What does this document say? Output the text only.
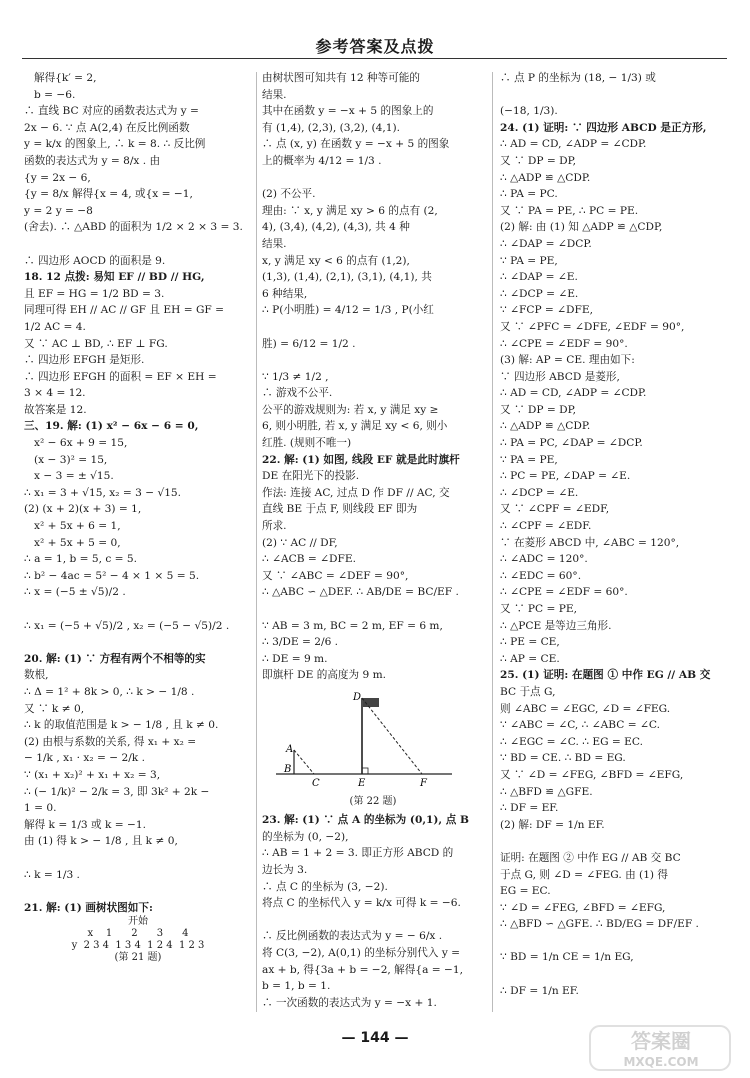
参考答案及点拨
解得{k′ = 2,
b = −6.
∴ 直线 BC 对应的函数表达式为 y =
2x − 6. ∵ 点 A(2,4) 在反比例函数
y = k/x 的图象上, ∴ k = 8. ∴ 反比例
函数的表达式为 y = 8/x . 由
{y = 2x − 6,
{y = 8/x 解得{x = 4, 或{x = −1,
y = 2 y = −8
(舍去). ∴ △ABD 的面积为 1/2 × 2 × 3 = 3.
∴ 四边形 AOCD 的面积是 9.
18. 12 点拨: 易知 EF // BD // HG,
且 EF = HG = 1/2 BD = 3.
同理可得 EH // AC // GF 且 EH = GF =
1/2 AC = 4.
又 ∵ AC ⊥ BD, ∴ EF ⊥ FG.
∴ 四边形 EFGH 是矩形.
∴ 四边形 EFGH 的面积 = EF × EH =
3 × 4 = 12.
故答案是 12.
三、19. 解: (1) x² − 6x − 6 = 0,
x² − 6x + 9 = 15,
(x − 3)² = 15,
x − 3 = ± √15.
∴ x₁ = 3 + √15, x₂ = 3 − √15.
(2) (x + 2)(x + 3) = 1,
x² + 5x + 6 = 1,
x² + 5x + 5 = 0,
∴ a = 1, b = 5, c = 5.
∴ b² − 4ac = 5² − 4 × 1 × 5 = 5.
∴ x = (−5 ± √5)/2 .
∴ x₁ = (−5 + √5)/2 , x₂ = (−5 − √5)/2 .
20. 解: (1) ∵ 方程有两个不相等的实
数根,
∴ Δ = 1² + 8k > 0, ∴ k > − 1/8 .
又 ∵ k ≠ 0,
∴ k 的取值范围是 k > − 1/8 , 且 k ≠ 0.
(2) 由根与系数的关系, 得 x₁ + x₂ =
− 1/k , x₁ · x₂ = − 2/k .
∵ (x₁ + x₂)² + x₁ + x₂ = 3,
∴ (− 1/k)² − 2/k = 3, 即 3k² + 2k −
1 = 0.
解得 k = 1/3 或 k = −1.
由 (1) 得 k > − 1/8 , 且 k ≠ 0,
∴ k = 1/3 .
21. 解: (1) 画树状图如下:
开始
x    1      2      3      4
y  2 3 4  1 3 4  1 2 4  1 2 3
(第 21 题)
由树状图可知共有 12 种等可能的
结果.
其中在函数 y = −x + 5 的图象上的
有 (1,4), (2,3), (3,2), (4,1).
∴ 点 (x, y) 在函数 y = −x + 5 的图象
上的概率为 4/12 = 1/3 .
(2) 不公平.
理由: ∵ x, y 满足 xy > 6 的点有 (2,
4), (3,4), (4,2), (4,3), 共 4 种
结果.
x, y 满足 xy < 6 的点有 (1,2),
(1,3), (1,4), (2,1), (3,1), (4,1), 共
6 种结果,
∴ P(小明胜) = 4/12 = 1/3 , P(小红
胜) = 6/12 = 1/2 .
∵ 1/3 ≠ 1/2 ,
∴ 游戏不公平.
公平的游戏规则为: 若 x, y 满足 xy ≥
6, 则小明胜, 若 x, y 满足 xy < 6, 则小
红胜. (规则不唯一)
22. 解: (1) 如图, 线段 EF 就是此时旗杆
DE 在阳光下的投影.
作法: 连接 AC, 过点 D 作 DF // AC, 交
直线 BE 于点 F, 则线段 EF 即为
所求.
(2) ∵ AC // DF,
∴ ∠ACB = ∠DFE.
又 ∵ ∠ABC = ∠DEF = 90°,
∴ △ABC ∽ △DEF. ∴ AB/DE = BC/EF .
∵ AB = 3 m, BC = 2 m, EF = 6 m,
∴ 3/DE = 2/6 .
∴ DE = 9 m.
即旗杆 DE 的高度为 9 m.
D
A
B
C	E	F
(第 22 题)
23. 解: (1) ∵ 点 A 的坐标为 (0,1), 点 B
的坐标为 (0, −2),
∴ AB = 1 + 2 = 3. 即正方形 ABCD 的
边长为 3.
∴ 点 C 的坐标为 (3, −2).
将点 C 的坐标代入 y = k/x 可得 k = −6.
∴ 反比例函数的表达式为 y = − 6/x .
将 C(3, −2), A(0,1) 的坐标分别代入 y =
ax + b, 得{3a + b = −2, 解得{a = −1,
b = 1, b = 1.
∴ 一次函数的表达式为 y = −x + 1.
∴ 点 P 的坐标为 (18, − 1/3) 或
(−18, 1/3).
24. (1) 证明: ∵ 四边形 ABCD 是正方形,
∴ AD = CD, ∠ADP = ∠CDP.
又 ∵ DP = DP,
∴ △ADP ≌ △CDP.
∴ PA = PC.
又 ∵ PA = PE, ∴ PC = PE.
(2) 解: 由 (1) 知 △ADP ≌ △CDP,
∴ ∠DAP = ∠DCP.
∵ PA = PE,
∴ ∠DAP = ∠E.
∴ ∠DCP = ∠E.
∵ ∠FCP = ∠DFE,
又 ∵ ∠PFC = ∠DFE, ∠EDF = 90°,
∴ ∠CPE = ∠EDF = 90°.
(3) 解: AP = CE. 理由如下:
∵ 四边形 ABCD 是菱形,
∴ AD = CD, ∠ADP = ∠CDP.
又 ∵ DP = DP,
∴ △ADP ≌ △CDP.
∴ PA = PC, ∠DAP = ∠DCP.
∵ PA = PE,
∴ PC = PE, ∠DAP = ∠E.
∴ ∠DCP = ∠E.
又 ∵ ∠CPF = ∠EDF,
∴ ∠CPF = ∠EDF.
∵ 在菱形 ABCD 中, ∠ABC = 120°,
∴ ∠ADC = 120°.
∴ ∠EDC = 60°.
∴ ∠CPE = ∠EDF = 60°.
又 ∵ PC = PE,
∴ △PCE 是等边三角形.
∴ PE = CE,
∴ AP = CE.
25. (1) 证明: 在题图 ① 中作 EG // AB 交
BC 于点 G,
则 ∠ABC = ∠EGC, ∠D = ∠FEG.
∵ ∠ABC = ∠C, ∴ ∠ABC = ∠C.
∴ ∠EGC = ∠C. ∴ EG = EC.
∵ BD = CE. ∴ BD = EG.
又 ∵ ∠D = ∠FEG, ∠BFD = ∠EFG,
∴ △BFD ≌ △GFE.
∴ DF = EF.
(2) 解: DF = 1/n EF.
证明: 在题图 ② 中作 EG // AB 交 BC
于点 G, 则 ∠D = ∠FEG. 由 (1) 得
EG = EC.
∵ ∠D = ∠FEG, ∠BFD = ∠EFG,
∴ △BFD ∽ △GFE. ∴ BD/EG = DF/EF .
∵ BD = 1/n CE = 1/n EG,
∴ DF = 1/n EF.
— 144 —	答案圈
MXQE.COM
